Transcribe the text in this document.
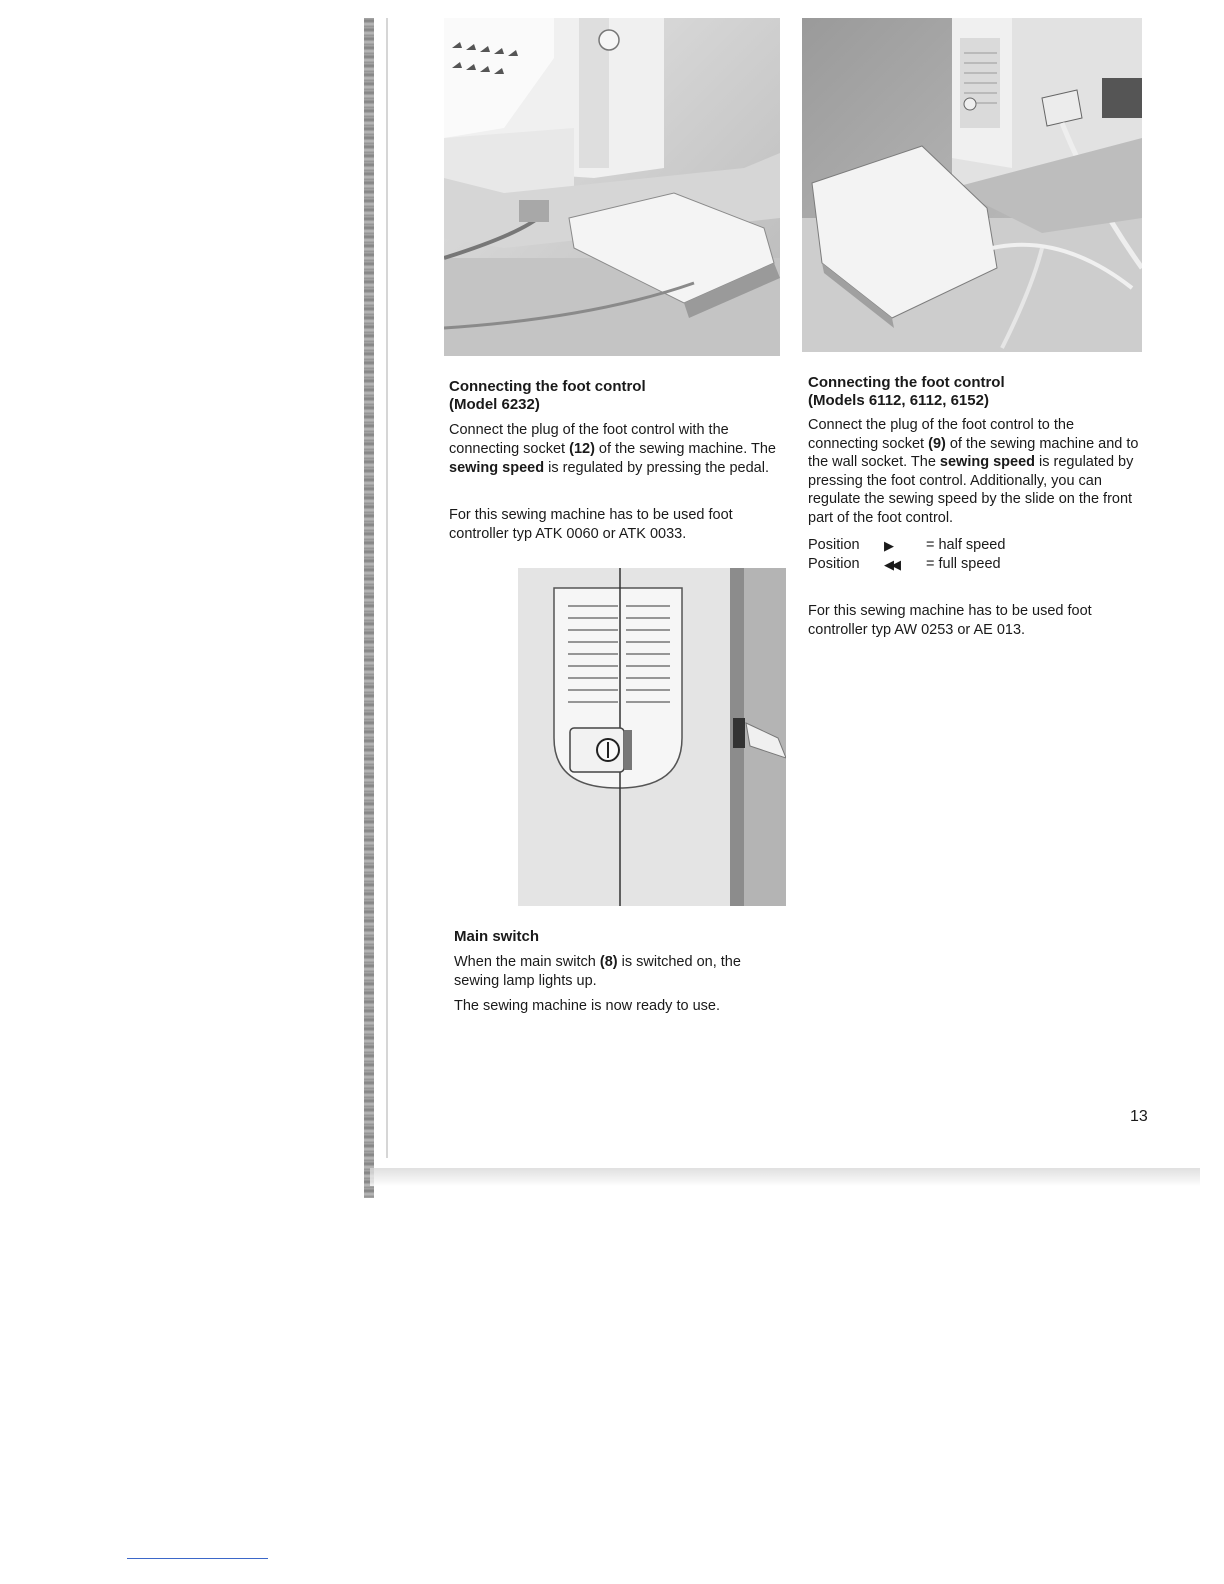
Connecting the foot control
(Model 6232)

Connect the plug of the foot control with the connecting socket (12) of the sewing machine. The sewing speed is regulated by pressing the pedal.

For this sewing machine has to be used foot controller typ ATK 0060 or ATK 0033.

Main switch

When the main switch (8) is switched on, the sewing lamp lights up.

The sewing machine is now ready to use.

Connecting the foot control
(Models 6112, 6112, 6152)

Connect the plug of the foot control to the connecting socket (9) of the sewing machine and to the wall socket. The sewing speed is regulated by pressing the foot control. Additionally, you can regulate the sewing speed by the slide on the front part of the foot control.

Position	▶	= half speed
Position	◀◀	= full speed

For this sewing machine has to be used foot controller typ AW 0253 or AE 013.

13
